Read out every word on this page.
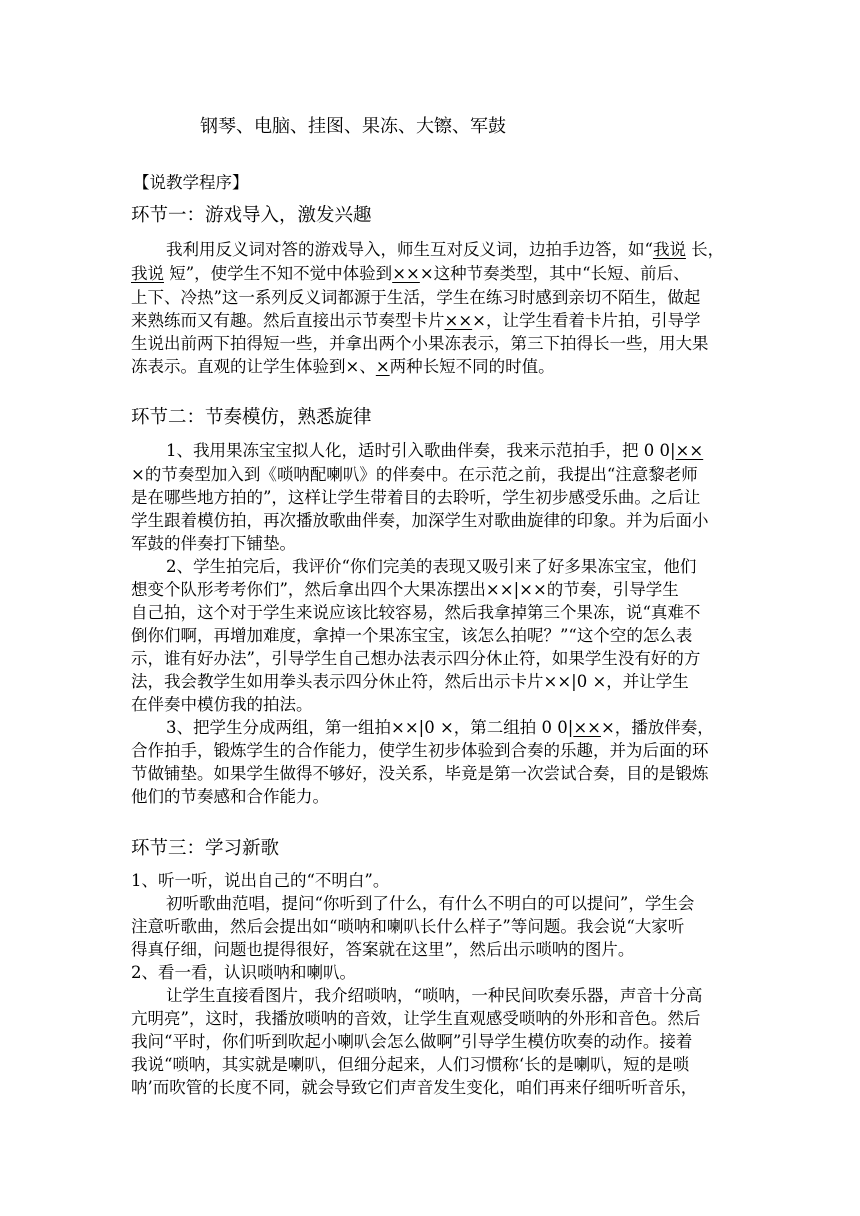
钢琴、电脑、挂图、果冻、大镲、军鼓
【说教学程序】
环节一：游戏导入，激发兴趣
我利用反义词对答的游戏导入，师生互对反义词，边拍手边答，如“我说 长，
我说 短”，使学生不知不觉中体验到×××这种节奏类型，其中“长短、前后、
上下、冷热”这一系列反义词都源于生活，学生在练习时感到亲切不陌生，做起
来熟练而又有趣。然后直接出示节奏型卡片×××，让学生看着卡片拍，引导学
生说出前两下拍得短一些，并拿出两个小果冻表示，第三下拍得长一些，用大果
冻表示。直观的让学生体验到×、×两种长短不同的时值。
环节二：节奏模仿，熟悉旋律
1、我用果冻宝宝拟人化，适时引入歌曲伴奏，我来示范拍手，把 0 0|××
×的节奏型加入到《唢呐配喇叭》的伴奏中。在示范之前，我提出“注意黎老师
是在哪些地方拍的”，这样让学生带着目的去聆听，学生初步感受乐曲。之后让
学生跟着模仿拍，再次播放歌曲伴奏，加深学生对歌曲旋律的印象。并为后面小
军鼓的伴奏打下铺垫。
2、学生拍完后，我评价“你们完美的表现又吸引来了好多果冻宝宝，他们
想变个队形考考你们”，然后拿出四个大果冻摆出××|××的节奏，引导学生
自己拍，这个对于学生来说应该比较容易，然后我拿掉第三个果冻，说“真难不
倒你们啊，再增加难度，拿掉一个果冻宝宝，该怎么拍呢？”“这个空的怎么表
示，谁有好办法”，引导学生自己想办法表示四分休止符，如果学生没有好的方
法，我会教学生如用拳头表示四分休止符，然后出示卡片××|0 ×，并让学生
在伴奏中模仿我的拍法。
3、把学生分成两组，第一组拍××|0 ×，第二组拍 0 0|×××，播放伴奏，
合作拍手，锻炼学生的合作能力，使学生初步体验到合奏的乐趣，并为后面的环
节做铺垫。如果学生做得不够好，没关系，毕竟是第一次尝试合奏，目的是锻炼
他们的节奏感和合作能力。
环节三：学习新歌
1、听一听，说出自己的“不明白”。
初听歌曲范唱，提问“你听到了什么，有什么不明白的可以提问”，学生会
注意听歌曲，然后会提出如“唢呐和喇叭长什么样子”等问题。我会说“大家听
得真仔细，问题也提得很好，答案就在这里”，然后出示唢呐的图片。
2、看一看，认识唢呐和喇叭。
让学生直接看图片，我介绍唢呐，“唢呐，一种民间吹奏乐器，声音十分高
亢明亮”，这时，我播放唢呐的音效，让学生直观感受唢呐的外形和音色。然后
我问“平时，你们听到吹起小喇叭会怎么做啊”引导学生模仿吹奏的动作。接着
我说“唢呐，其实就是喇叭，但细分起来，人们习惯称‘长的是喇叭，短的是唢
呐’而吹管的长度不同，就会导致它们声音发生变化，咱们再来仔细听听音乐，
